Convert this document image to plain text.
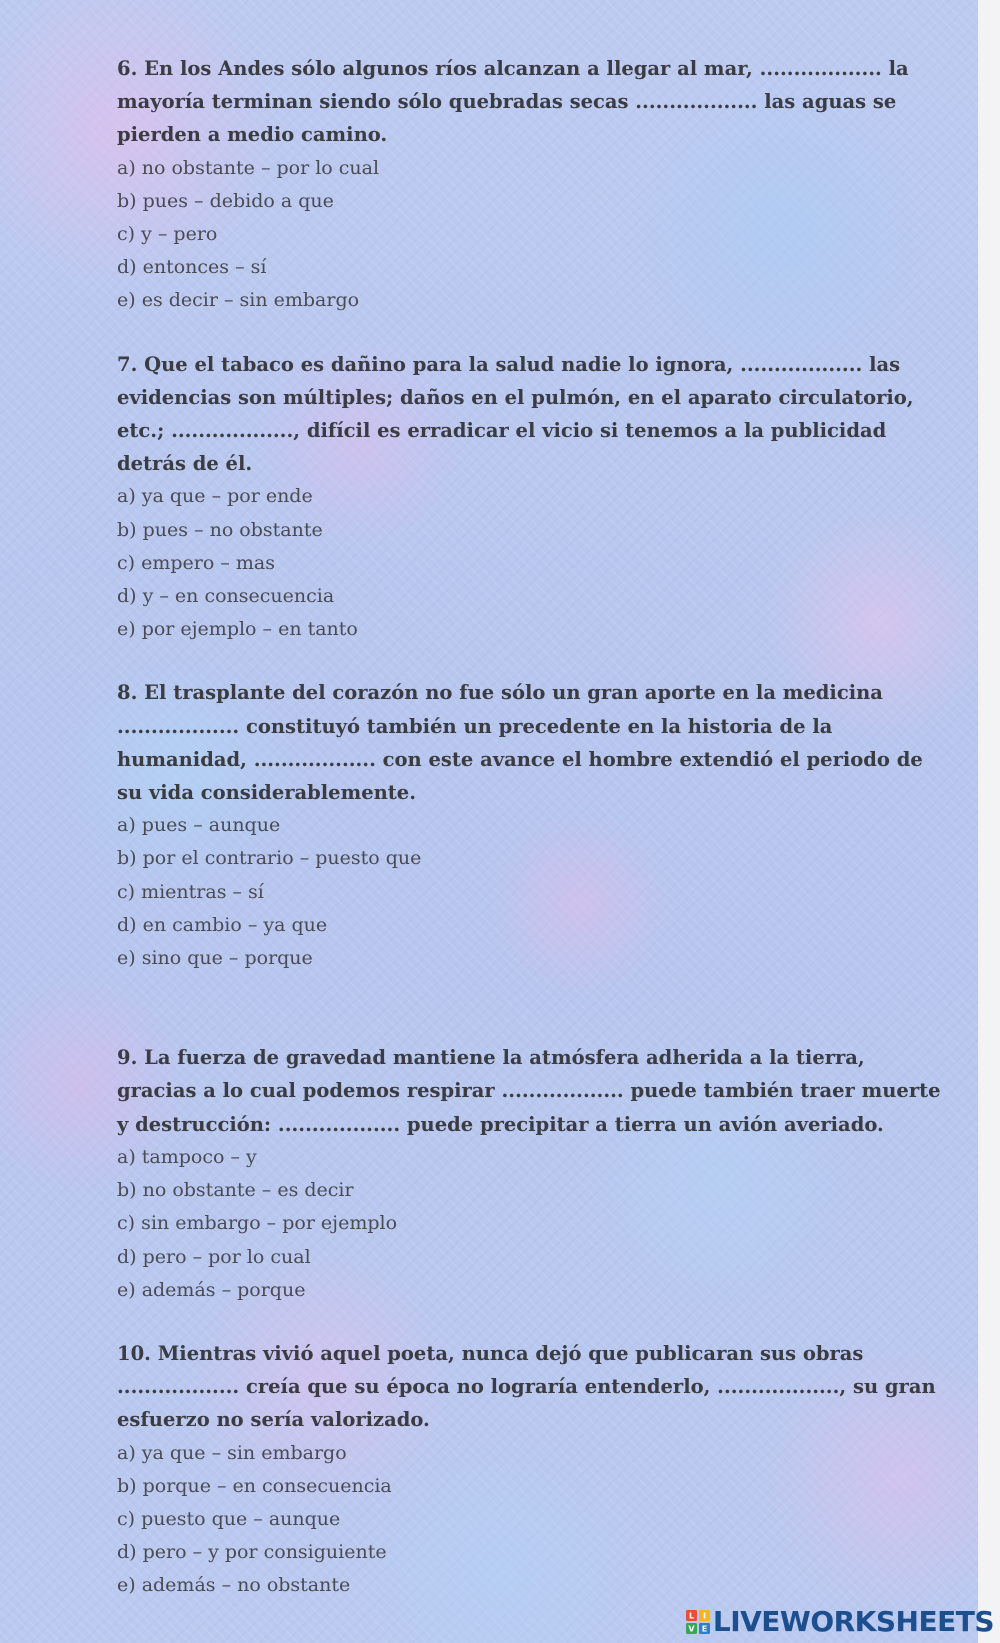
6. En los Andes sólo algunos ríos alcanzan a llegar al mar, .................. la mayoría terminan siendo sólo quebradas secas .................. las aguas se pierden a medio camino.

a) no obstante – por lo cual
b) pues – debido a que
c) y – pero
d) entonces – sí
e) es decir – sin embargo

7. Que el tabaco es dañino para la salud nadie lo ignora, .................. las evidencias son múltiples; daños en el pulmón, en el aparato circulatorio, etc.; .................., difícil es erradicar el vicio si tenemos a la publicidad detrás de él.

a) ya que – por ende
b) pues – no obstante
c) empero – mas
d) y – en consecuencia
e) por ejemplo – en tanto

8. El trasplante del corazón no fue sólo un gran aporte en la medicina .................. constituyó también un precedente en la historia de la humanidad, .................. con este avance el hombre extendió el periodo de su vida considerablemente.

a) pues – aunque
b) por el contrario – puesto que
c) mientras – sí
d) en cambio – ya que
e) sino que – porque

9. La fuerza de gravedad mantiene la atmósfera adherida a la tierra, gracias a lo cual podemos respirar .................. puede también traer muerte y destrucción: .................. puede precipitar a tierra un avión averiado.

a) tampoco – y
b) no obstante – es decir
c) sin embargo – por ejemplo
d) pero – por lo cual
e) además – porque

10. Mientras vivió aquel poeta, nunca dejó que publicaran sus obras .................. creía que su época no lograría entenderlo, .................., su gran esfuerzo no sería valorizado.

a) ya que – sin embargo
b) porque – en consecuencia
c) puesto que – aunque
d) pero – y por consiguiente
e) además – no obstante
L I
V E LIVEWORKSHEETS
